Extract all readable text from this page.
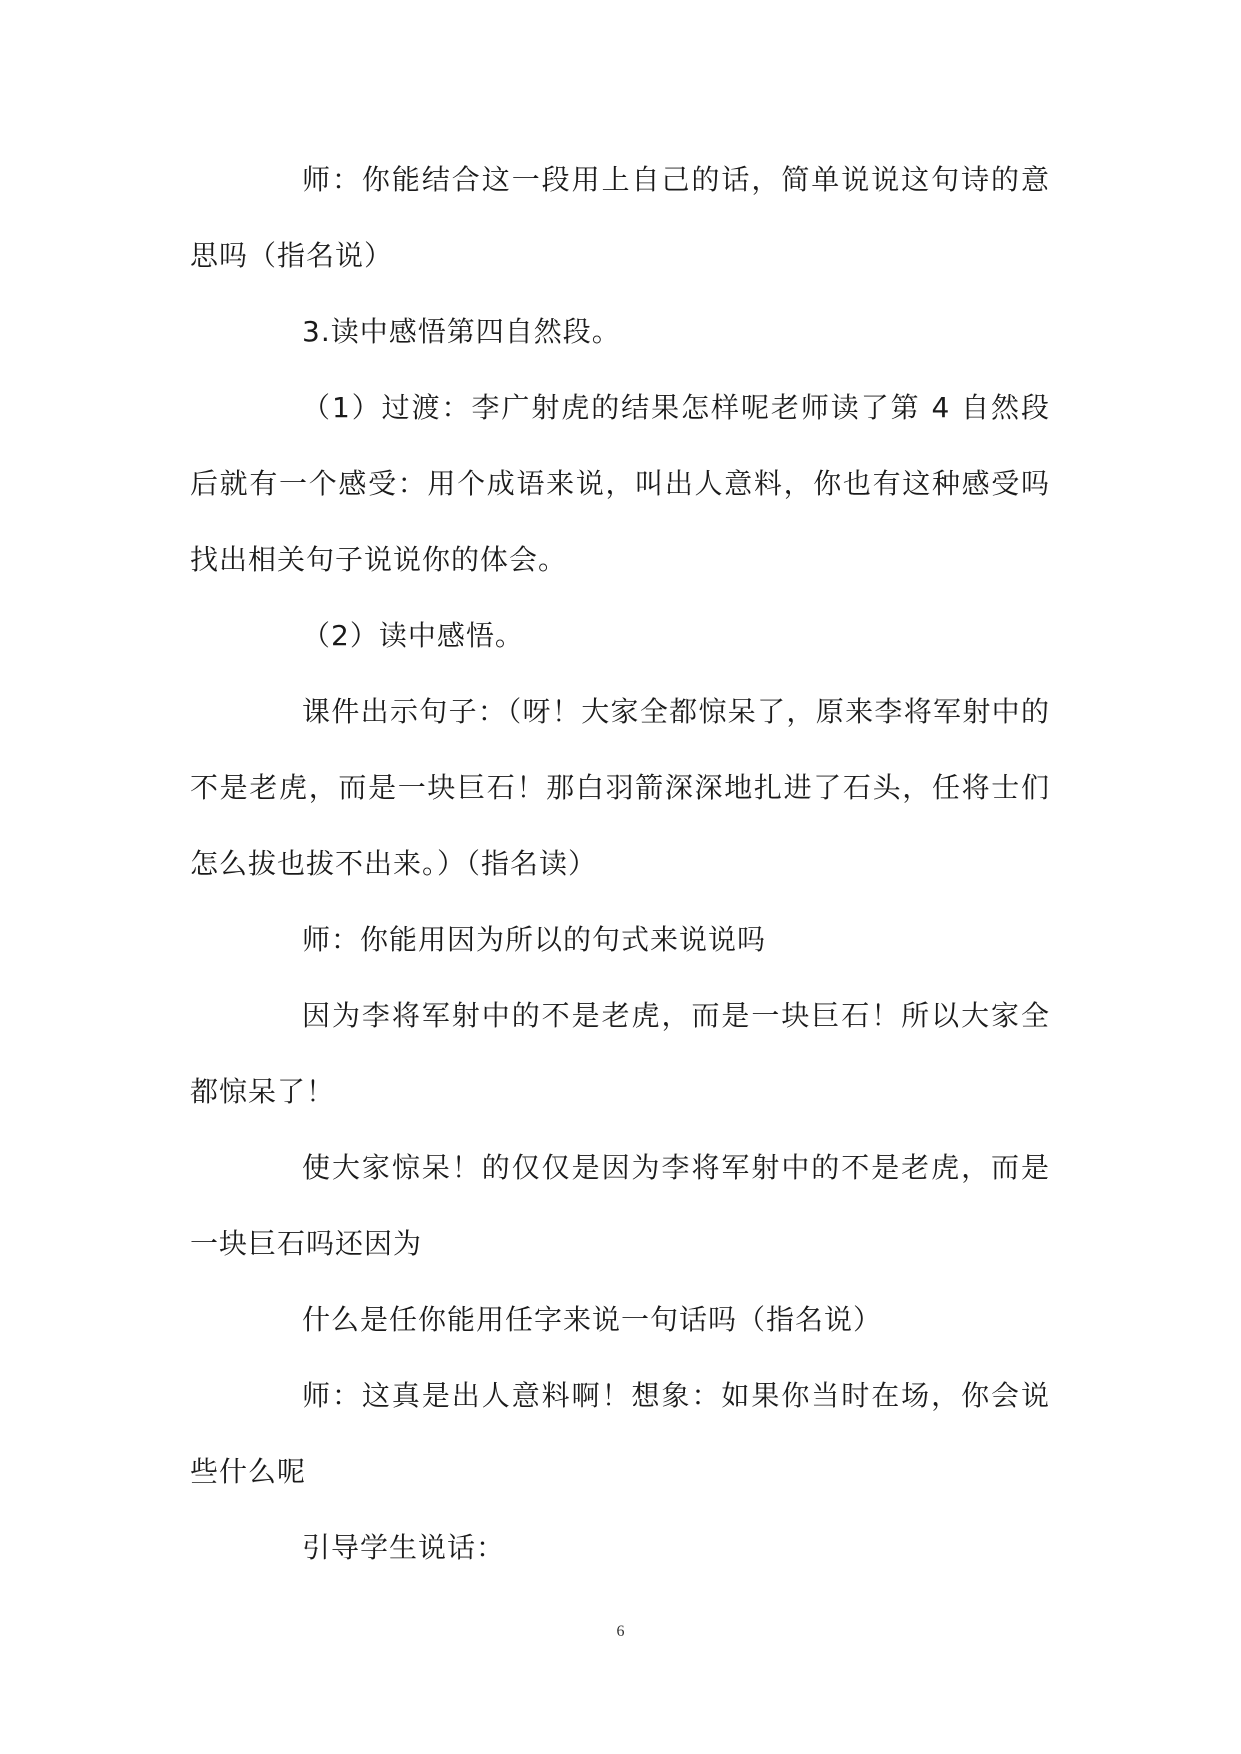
师：你能结合这一段用上自己的话，简单说说这句诗的意思吗（指名说）

3.读中感悟第四自然段。

（1）过渡：李广射虎的结果怎样呢老师读了第 4 自然段后就有一个感受：用个成语来说，叫出人意料，你也有这种感受吗找出相关句子说说你的体会。

（2）读中感悟。

课件出示句子：（呀！大家全都惊呆了，原来李将军射中的不是老虎，而是一块巨石！那白羽箭深深地扎进了石头，任将士们怎么拔也拔不出来。）（指名读）

师：你能用因为所以的句式来说说吗

因为李将军射中的不是老虎，而是一块巨石！所以大家全都惊呆了！

使大家惊呆！的仅仅是因为李将军射中的不是老虎，而是一块巨石吗还因为

什么是任你能用任字来说一句话吗（指名说）

师：这真是出人意料啊！想象：如果你当时在场，你会说些什么呢

引导学生说话：

6
